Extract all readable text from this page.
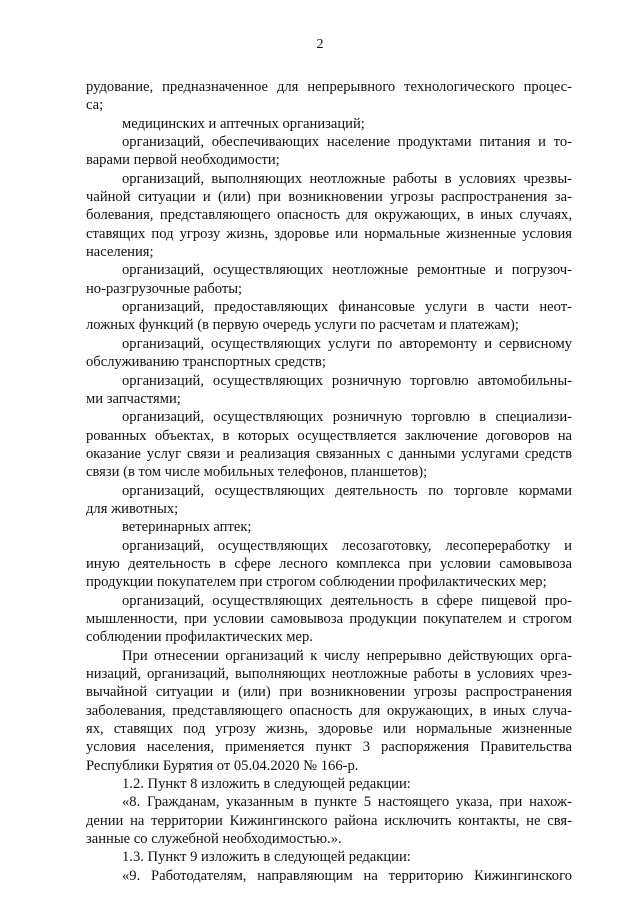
2
рудование, предназначенное для непрерывного технологического процес-
са;
медицинских и аптечных организаций;
организаций, обеспечивающих население продуктами питания и то-
варами первой необходимости;
организаций, выполняющих неотложные работы в условиях чрезвы-
чайной ситуации и (или) при возникновении угрозы распространения за-
болевания, представляющего опасность для окружающих, в иных случаях,
ставящих под угрозу жизнь, здоровье или нормальные жизненные условия
населения;
организаций, осуществляющих неотложные ремонтные и погрузоч-
но-разгрузочные работы;
организаций, предоставляющих финансовые услуги в части неот-
ложных функций (в первую очередь услуги по расчетам и платежам);
организаций, осуществляющих услуги по авторемонту и сервисному
обслуживанию транспортных средств;
организаций, осуществляющих розничную торговлю автомобильны-
ми запчастями;
организаций, осуществляющих розничную торговлю в специализи-
рованных объектах, в которых осуществляется заключение договоров на
оказание услуг связи и реализация связанных с данными услугами средств
связи (в том числе мобильных телефонов, планшетов);
организаций, осуществляющих деятельность по торговле кормами
для животных;
ветеринарных аптек;
организаций, осуществляющих лесозаготовку, лесопереработку и
иную деятельность в сфере лесного комплекса при условии самовывоза
продукции покупателем при строгом соблюдении профилактических мер;
организаций, осуществляющих деятельность в сфере пищевой про-
мышленности, при условии самовывоза продукции покупателем и строгом
соблюдении профилактических мер.
При отнесении организаций к числу непрерывно действующих орга-
низаций, организаций, выполняющих неотложные работы в условиях чрез-
вычайной ситуации и (или) при возникновении угрозы распространения
заболевания, представляющего опасность для окружающих, в иных случа-
ях, ставящих под угрозу жизнь, здоровье или нормальные жизненные
условия населения, применяется пункт 3 распоряжения Правительства
Республики Бурятия от 05.04.2020 № 166-р.
1.2. Пункт 8 изложить в следующей редакции:
«8. Гражданам, указанным в пункте 5 настоящего указа, при нахож-
дении на территории Кижингинского района исключить контакты, не свя-
занные со служебной необходимостью.».
1.3. Пункт 9 изложить в следующей редакции:
«9. Работодателям, направляющим на территорию Кижингинского
